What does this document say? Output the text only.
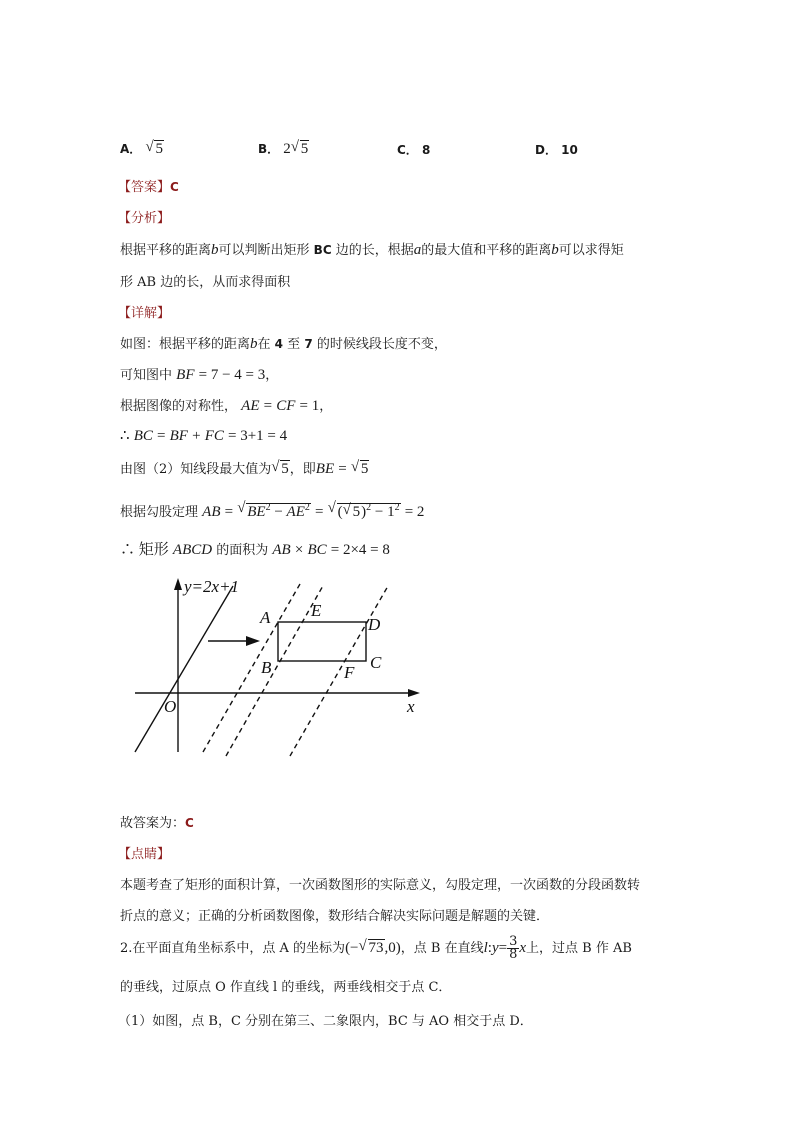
A． √ 5	B． 2 √ 5	C． 8	D． 10
【答案】C
【分析】
根据平移的距离b可以判断出矩形 BC 边的长，根据a的最大值和平移的距离b可以求得矩
形 AB 边的长，从而求得面积
【详解】
如图：根据平移的距离b在 4 至 7 的时候线段长度不变，
可知图中 BF = 7 − 4 = 3，
根据图像的对称性， AE = CF = 1，
∴ BC = BF + FC = 3+1 = 4
由图（2）知线段最大值为 √ 5，即BE = √ 5
根据勾股定理 AB = √ $BE^2 - AE^2$ = √ ( √ $5)^2 - 1^2 = 2$
∴ 矩形 ABCD 的面积为 AB × BC = 2×4 = 8
y=2x+1
A E
D
B	C
F
O	x
故答案为：C
【点睛】
本题考查了矩形的面积计算，一次函数图形的实际意义，勾股定理，一次函数的分段函数转
折点的意义；正确的分析函数图像，数形结合解决实际问题是解题的关键．
2.在平面直角坐标系中，点 A 的坐标为(− √ 73,0)，点 B 在直线l:y= $\frac{3}{8}$ x上，过点 B 作 AB
的垂线，过原点 O 作直线 l 的垂线，两垂线相交于点 C．
（1）如图，点 B，C 分别在第三、二象限内，BC 与 AO 相交于点 D．
